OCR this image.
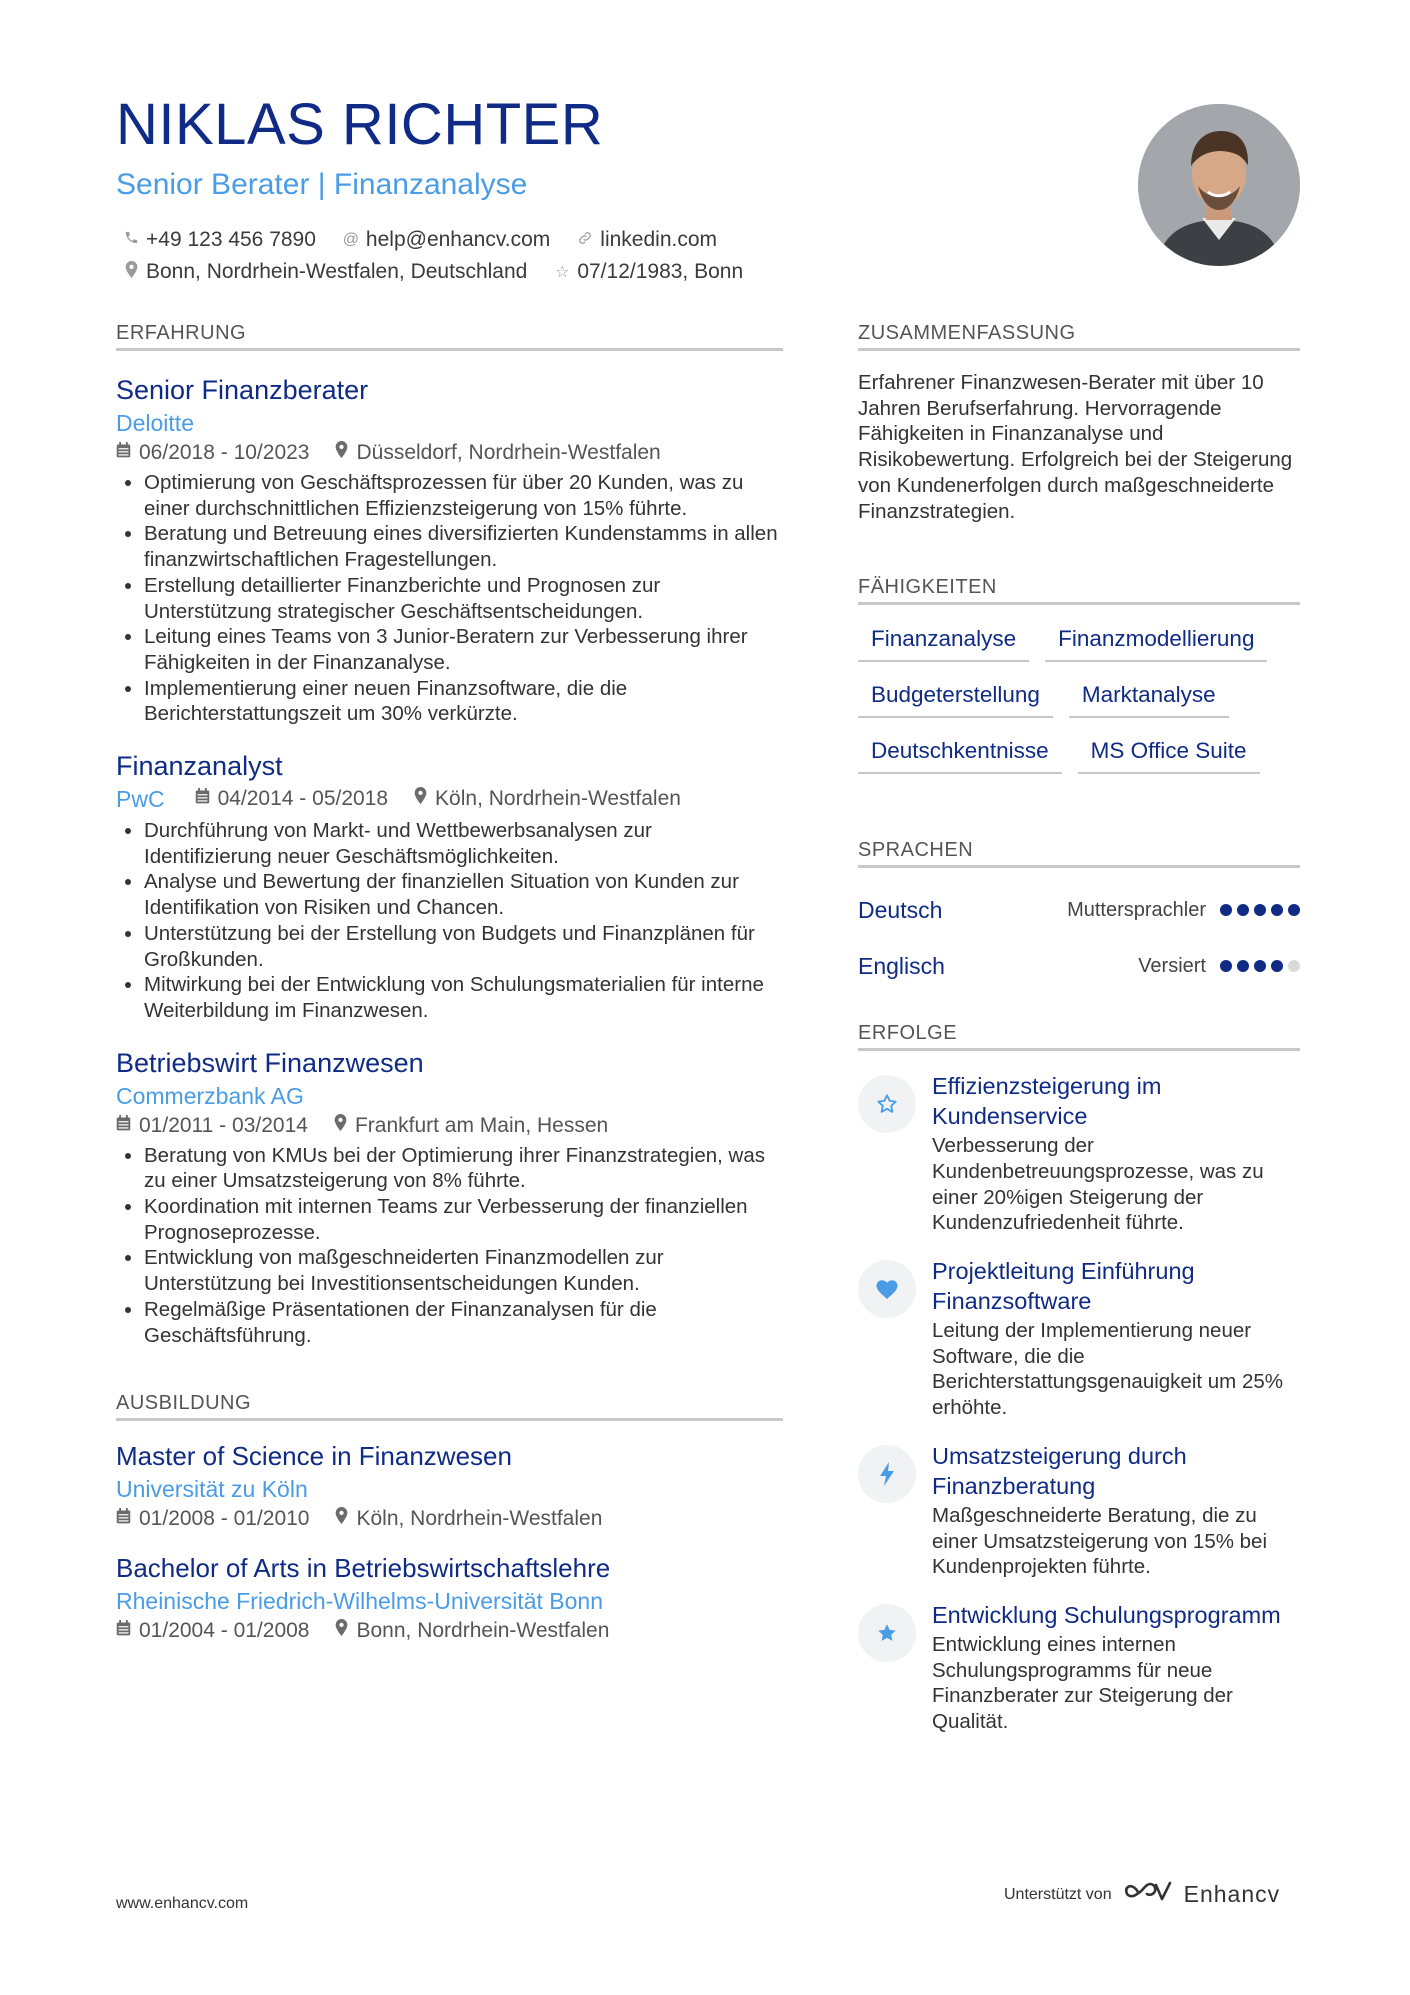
NIKLAS RICHTER
Senior Berater | Finanzanalyse
+49 123 456 7890 @ help@enhancv.com linkedin.com
Bonn, Nordrhein-Westfalen, Deutschland ☆ 07/12/1983, Bonn
ERFAHRUNG
Senior Finanzberater
Deloitte
06/2018 - 10/2023 Düsseldorf, Nordrhein-Westfalen
• Optimierung von Geschäftsprozessen für über 20 Kunden, was zu einer durchschnittlichen Effizienzsteigerung von 15% führte.
• Beratung und Betreuung eines diversifizierten Kundenstamms in allen finanzwirtschaftlichen Fragestellungen.
• Erstellung detaillierter Finanzberichte und Prognosen zur Unterstützung strategischer Geschäftsentscheidungen.
• Leitung eines Teams von 3 Junior-Beratern zur Verbesserung ihrer Fähigkeiten in der Finanzanalyse.
• Implementierung einer neuen Finanzsoftware, die die Berichterstattungszeit um 30% verkürzte.
Finanzanalyst
PwC	04/2014 - 05/2018 Köln, Nordrhein-Westfalen
• Durchführung von Markt- und Wettbewerbsanalysen zur Identifizierung neuer Geschäftsmöglichkeiten.
• Analyse und Bewertung der finanziellen Situation von Kunden zur Identifikation von Risiken und Chancen.
• Unterstützung bei der Erstellung von Budgets und Finanzplänen für Großkunden.
• Mitwirkung bei der Entwicklung von Schulungsmaterialien für interne Weiterbildung im Finanzwesen.
Betriebswirt Finanzwesen
Commerzbank AG
01/2011 - 03/2014 Frankfurt am Main, Hessen
• Beratung von KMUs bei der Optimierung ihrer Finanzstrategien, was zu einer Umsatzsteigerung von 8% führte.
• Koordination mit internen Teams zur Verbesserung der finanziellen Prognoseprozesse.
• Entwicklung von maßgeschneiderten Finanzmodellen zur Unterstützung bei Investitionsentscheidungen Kunden.
• Regelmäßige Präsentationen der Finanzanalysen für die Geschäftsführung.
AUSBILDUNG
Master of Science in Finanzwesen
Universität zu Köln
01/2008 - 01/2010 Köln, Nordrhein-Westfalen
Bachelor of Arts in Betriebswirtschaftslehre
Rheinische Friedrich-Wilhelms-Universität Bonn
01/2004 - 01/2008 Bonn, Nordrhein-Westfalen
ZUSAMMENFASSUNG
Erfahrener Finanzwesen-Berater mit über 10 Jahren Berufserfahrung. Hervorragende Fähigkeiten in Finanzanalyse und Risikobewertung. Erfolgreich bei der Steigerung von Kundenerfolgen durch maßgeschneiderte Finanzstrategien.
FÄHIGKEITEN
Finanzanalyse	Finanzmodellierung
Budgeterstellung	Marktanalyse
Deutschkentnisse	MS Office Suite
SPRACHEN
Deutsch	Muttersprachler
Englisch	Versiert
ERFOLGE
Effizienzsteigerung im Kundenservice
Verbesserung der Kundenbetreuungsprozesse, was zu einer 20%igen Steigerung der Kundenzufriedenheit führte.
Projektleitung Einführung Finanzsoftware
Leitung der Implementierung neuer Software, die die Berichterstattungsgenauigkeit um 25% erhöhte.
Umsatzsteigerung durch Finanzberatung
Maßgeschneiderte Beratung, die zu einer Umsatzsteigerung von 15% bei Kundenprojekten führte.
Entwicklung Schulungsprogramm
Entwicklung eines internen Schulungsprogramms für neue Finanzberater zur Steigerung der Qualität.
www.enhancv.com
Unterstützt von	Enhancv
